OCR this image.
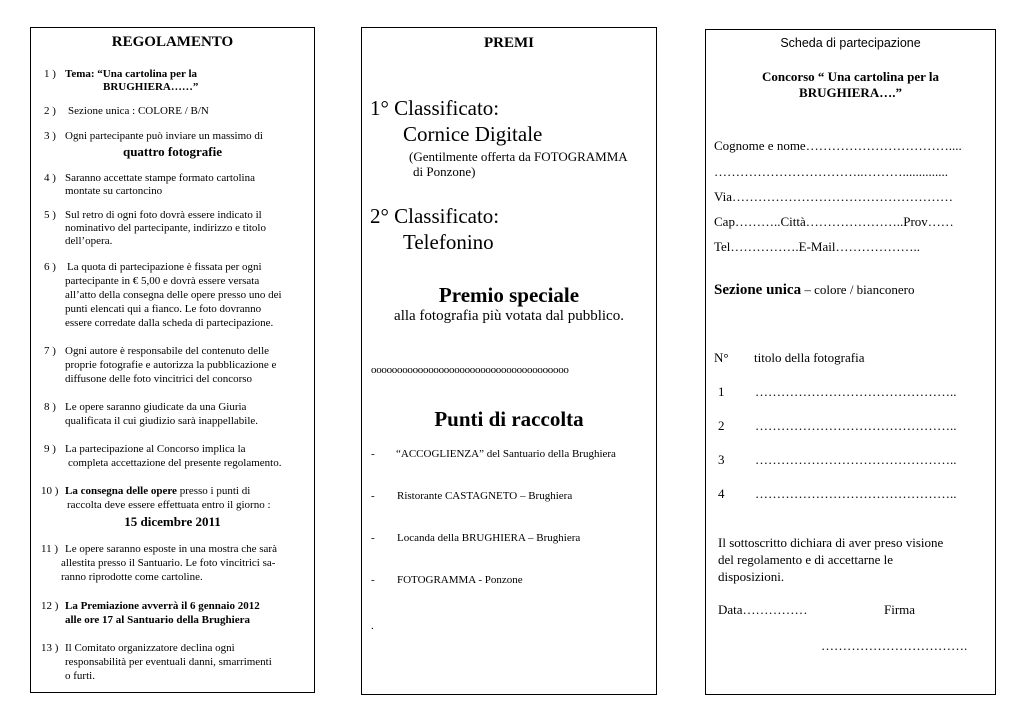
REGOLAMENTO
1 ) Tema: “Una cartolina per la
BRUGHIERA……”
2 ) Sezione unica : COLORE / B/N
3 ) Ogni partecipante può inviare un massimo di
quattro fotografie
4 ) Saranno accettate stampe formato cartolina
montate su cartoncino
5 ) Sul retro di ogni foto dovrà essere indicato il
nominativo del partecipante, indirizzo e titolo
dell’opera.
6 ) La quota di partecipazione è fissata per ogni
partecipante in € 5,00 e dovrà essere versata
all’atto della consegna delle opere presso uno dei
punti elencati qui a fianco. Le foto dovranno
essere corredate dalla scheda di partecipazione.
7 ) Ogni autore è responsabile del contenuto delle
proprie fotografie e autorizza la pubblicazione e
diffusone delle foto vincitrici del concorso
8 ) Le opere saranno giudicate da una Giuria
qualificata il cui giudizio sarà inappellabile.
9 ) La partecipazione al Concorso implica la
completa accettazione del presente regolamento.
10 ) La consegna delle opere presso i punti di
raccolta deve essere effettuata entro il giorno :
15 dicembre 2011
11 ) Le opere saranno esposte in una mostra che sarà
allestita presso il Santuario. Le foto vincitrici sa-
ranno riprodotte come cartoline.
12 ) La Premiazione avverrà il 6 gennaio 2012
alle ore 17 al Santuario della Brughiera
13 ) Il Comitato organizzatore declina ogni
responsabilità per eventuali danni, smarrimenti
o furti.
PREMI
1° Classificato:
Cornice Digitale
(Gentilmente offerta da FOTOGRAMMA
di Ponzone)
2° Classificato:
Telefonino
Premio speciale
alla fotografia più votata dal pubblico.
oooooooooooooooooooooooooooooooooooooo
Punti di raccolta
- “ACCOGLIENZA” del Santuario della Brughiera
- Ristorante CASTAGNETO – Brughiera
- Locanda della BRUGHIERA – Brughiera
- FOTOGRAMMA - Ponzone
.
Scheda di partecipazione
Concorso “ Una cartolina per la
BRUGHIERA….”
Cognome e nome……………………………....
……………………………..………..............
Via……………………………………………
Cap………..Città…………………..Prov……
Tel…………….E-Mail………………..
Sezione unica – colore / bianconero
N° titolo della fotografia
1 ………………………………………..
2 ………………………………………..
3 ………………………………………..
4 ………………………………………..
Il sottoscritto dichiara di aver preso visione
del regolamento e di accettarne le
disposizioni.
Data……………	Firma
…………………………….
